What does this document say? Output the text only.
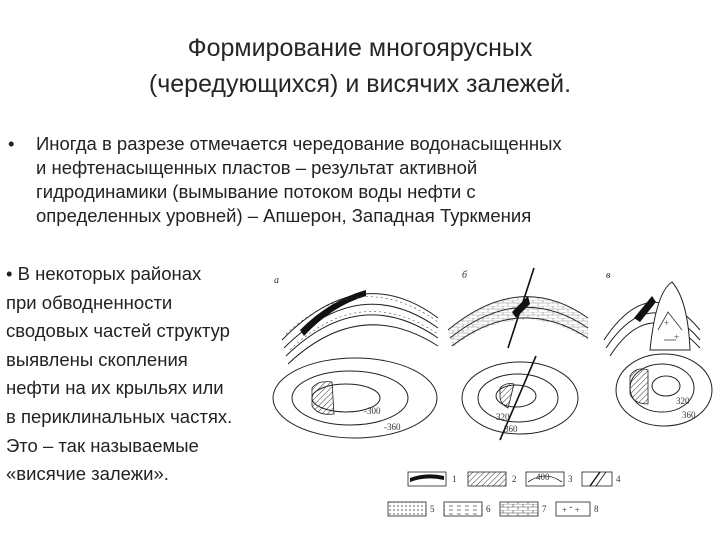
Формирование многоярусных
(чередующихся) и висячих залежей.
• Иногда в разрезе отмечается чередование водонасыщенных
и нефтенасыщенных пластов – результат активной
гидродинамики (вымывание потоком воды нефти с
определенных уровней) – Апшерон, Западная Туркмения
• В некоторых районах
при обводненности
сводовых частей структур
выявлены скопления
нефти на их крыльях или
в периклинальных частях.
Это – так называемые
«висячие залежи».
а
-300
-360
б
320
360
в
+
+
320
360
1	2 400 3	4
5	6	7 + ˇ + 8
